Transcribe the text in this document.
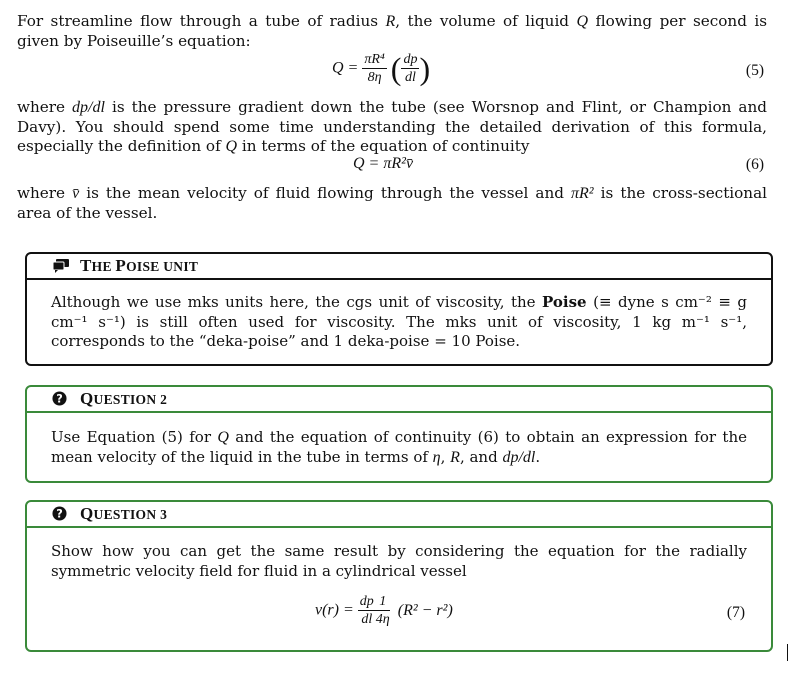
For streamline flow through a tube of radius R, the volume of liquid Q flowing per second is given by Poiseuille’s equation:
$Q = \frac{\text{πR⁴}}{8\eta}$ ( $\frac{dp}{dl}$ )	(5)
where dp/dl is the pressure gradient down the tube (see Worsnop and Flint, or Champion and Davy). You should spend some time understanding the detailed derivation of this formula, especially the definition of Q in terms of the equation of continuity
Q = πR²v̄	(6)
where v̄ is the mean velocity of fluid flowing through the vessel and πR² is the cross-sectional area of the vessel.
THE POISE UNIT
Although we use mks units here, the cgs unit of viscosity, the Poise (≡ dyne s cm⁻² ≡ g cm⁻¹ s⁻¹) is still often used for viscosity. The mks unit of viscosity, 1 kg m⁻¹ s⁻¹, corresponds to the “deka-poise” and 1 deka-poise = 10 Poise.
? QUESTION 2
Use Equation (5) for Q and the equation of continuity (6) to obtain an expression for the mean velocity of the liquid in the tube in terms of η, R, and dp/dl.
? QUESTION 3
Show how you can get the same result by considering the equation for the radially symmetric velocity field for fluid in a cylindrical vessel
$v(r) = \frac{dp}{dl} \frac{1}{4\eta} (R^2 - r^2)$	(7)
